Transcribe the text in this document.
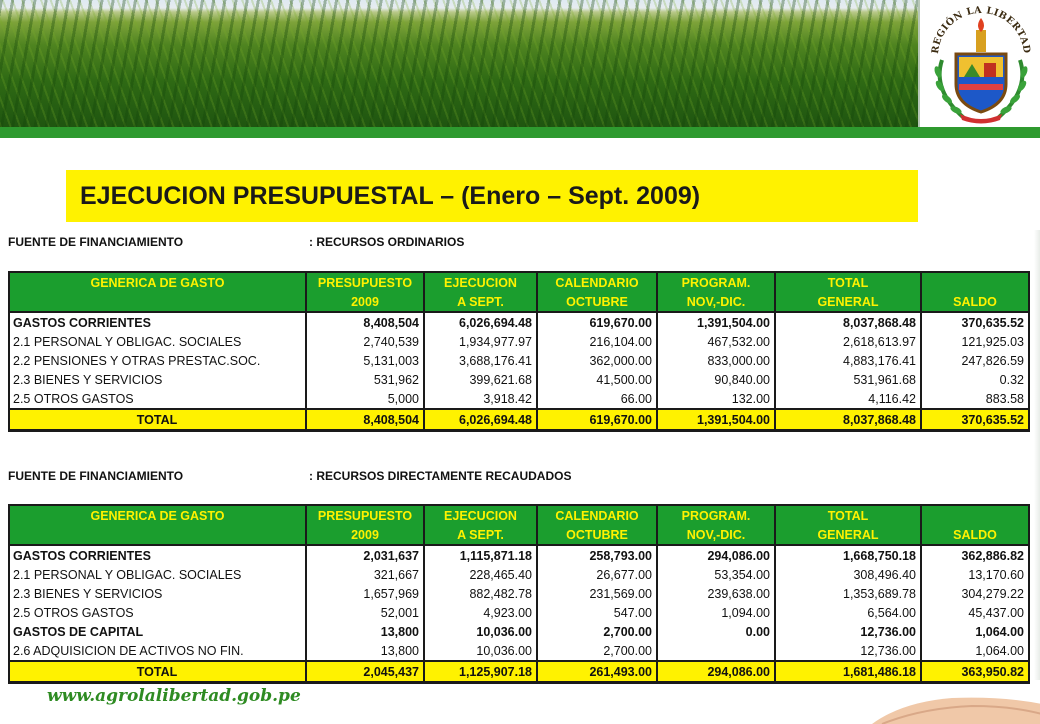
REGIÓN LA LIBERTAD
EJECUCION PRESUPUESTAL – (Enero – Sept. 2009)
FUENTE DE FINANCIAMIENTO	: RECURSOS ORDINARIOS
GENERICA DE GASTO	PRESUPUESTO	EJECUCION	CALENDARIO	PROGRAM.	TOTAL	
	2009	A SEPT.	OCTUBRE	NOV,-DIC.	GENERAL	SALDO
GASTOS CORRIENTES	8,408,504	6,026,694.48	619,670.00	1,391,504.00	8,037,868.48	370,635.52
2.1 PERSONAL Y OBLIGAC. SOCIALES	2,740,539	1,934,977.97	216,104.00	467,532.00	2,618,613.97	121,925.03
2.2 PENSIONES Y OTRAS PRESTAC.SOC.	5,131,003	3,688,176.41	362,000.00	833,000.00	4,883,176.41	247,826.59
2.3 BIENES Y SERVICIOS	531,962	399,621.68	41,500.00	90,840.00	531,961.68	0.32
2.5 OTROS GASTOS	5,000	3,918.42	66.00	132.00	4,116.42	883.58
TOTAL	8,408,504	6,026,694.48	619,670.00	1,391,504.00	8,037,868.48	370,635.52
FUENTE DE FINANCIAMIENTO	: RECURSOS DIRECTAMENTE RECAUDADOS
GENERICA DE GASTO	PRESUPUESTO	EJECUCION	CALENDARIO	PROGRAM.	TOTAL	
	2009	A SEPT.	OCTUBRE	NOV,-DIC.	GENERAL	SALDO
GASTOS CORRIENTES	2,031,637	1,115,871.18	258,793.00	294,086.00	1,668,750.18	362,886.82
2.1 PERSONAL Y OBLIGAC. SOCIALES	321,667	228,465.40	26,677.00	53,354.00	308,496.40	13,170.60
2.3 BIENES Y SERVICIOS	1,657,969	882,482.78	231,569.00	239,638.00	1,353,689.78	304,279.22
2.5 OTROS GASTOS	52,001	4,923.00	547.00	1,094.00	6,564.00	45,437.00
GASTOS DE CAPITAL	13,800	10,036.00	2,700.00	0.00	12,736.00	1,064.00
2.6 ADQUISICION DE ACTIVOS NO FIN.	13,800	10,036.00	2,700.00		12,736.00	1,064.00
TOTAL	2,045,437	1,125,907.18	261,493.00	294,086.00	1,681,486.18	363,950.82
www.agrolalibertad.gob.pe
